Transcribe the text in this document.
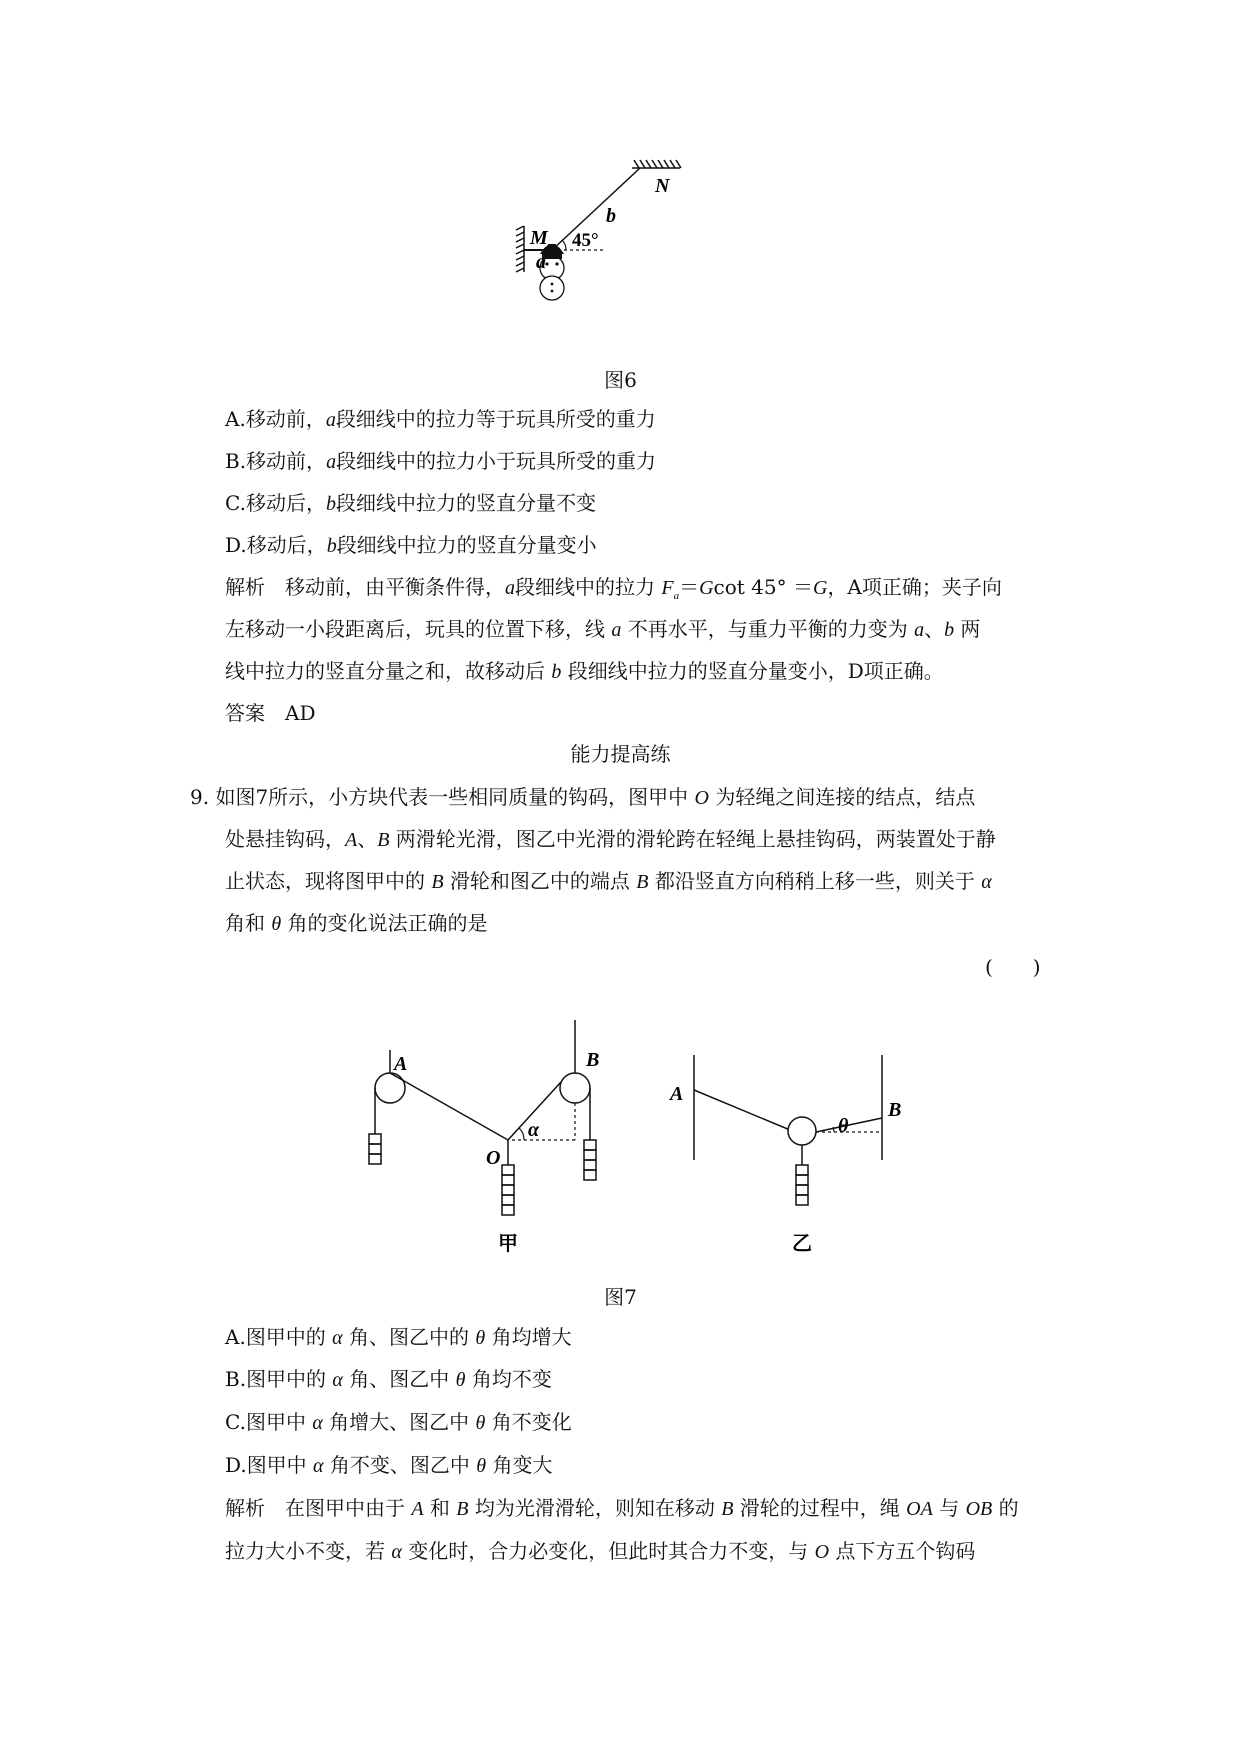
M
N
a
b
45°
图6
A.移动前，a段细线中的拉力等于玩具所受的重力
B.移动前，a段细线中的拉力小于玩具所受的重力
C.移动后，b段细线中拉力的竖直分量不变
D.移动后，b段细线中拉力的竖直分量变小
解析　 移动前，由平衡条件得，a段细线中的拉力 $F_a=Gcot$ 45° ＝G，A项正确；夹子向
左移动一小段距离后，玩具的位置下移，线 a 不再水平，与重力平衡的力变为 a、b 两
线中拉力的竖直分量之和，故移动后 b 段细线中拉力的竖直分量变小，D项正确。
答案　 AD
能力提高练
9. 如图7所示，小方块代表一些相同质量的钩码，图甲中 O 为轻绳之间连接的结点，结点
处悬挂钩码，A、B 两滑轮光滑，图乙中光滑的滑轮跨在轻绳上悬挂钩码，两装置处于静
止状态，现将图甲中的 B 滑轮和图乙中的端点 B 都沿竖直方向稍稍上移一些，则关于 α
角和 θ 角的变化说法正确的是
(　　)
A	B
O
α
甲
A
B
θ
乙
图7
A.图甲中的 α 角、图乙中的 θ 角均增大
B.图甲中的 α 角、图乙中 θ 角均不变
C.图甲中 α 角增大、图乙中 θ 角不变化
D.图甲中 α 角不变、图乙中 θ 角变大
解析　 在图甲中由于 A 和 B 均为光滑滑轮，则知在移动 B 滑轮的过程中，绳 OA 与 OB 的
拉力大小不变，若 α 变化时，合力必变化，但此时其合力不变，与 O 点下方五个钩码
